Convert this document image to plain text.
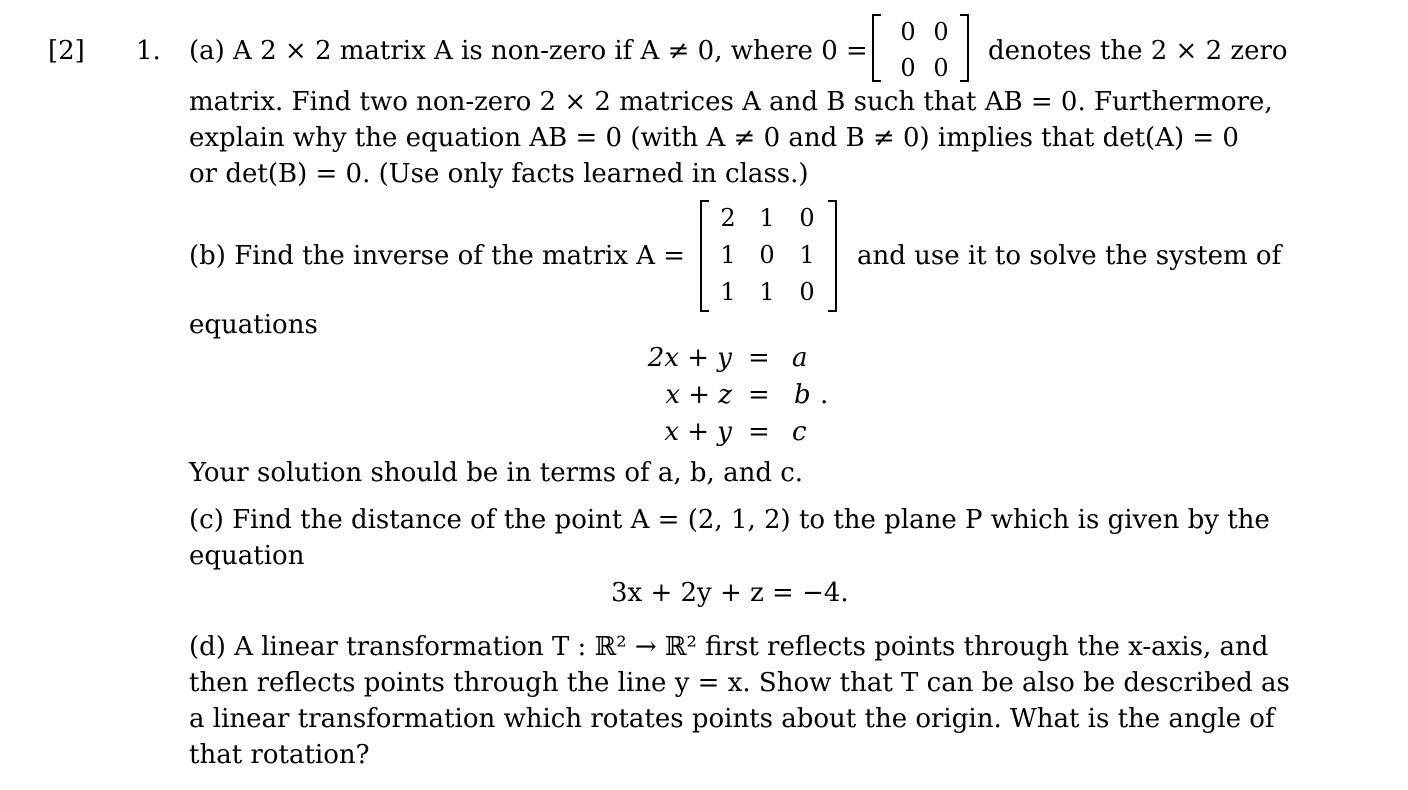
[2] 1. (a) A 2 × 2 matrix A is non-zero if A ≠ 0, where 0 =
0 0
0 0
denotes the 2 × 2 zero
matrix. Find two non-zero 2 × 2 matrices A and B such that AB = 0. Furthermore,
explain why the equation AB = 0 (with A ≠ 0 and B ≠ 0) implies that det(A) = 0
or det(B) = 0. (Use only facts learned in class.)
(b) Find the inverse of the matrix A =
2 1 0
1 0 1
1 1 0
and use it to solve the system of
equations
2x + y = a
x + z = b .
x + y = c
Your solution should be in terms of a, b, and c.
(c) Find the distance of the point A = (2, 1, 2) to the plane P which is given by the
equation
3x + 2y + z = −4.
(d) A linear transformation T : ℝ² → ℝ² first reflects points through the x-axis, and
then reflects points through the line y = x. Show that T can be also be described as
a linear transformation which rotates points about the origin. What is the angle of
that rotation?
